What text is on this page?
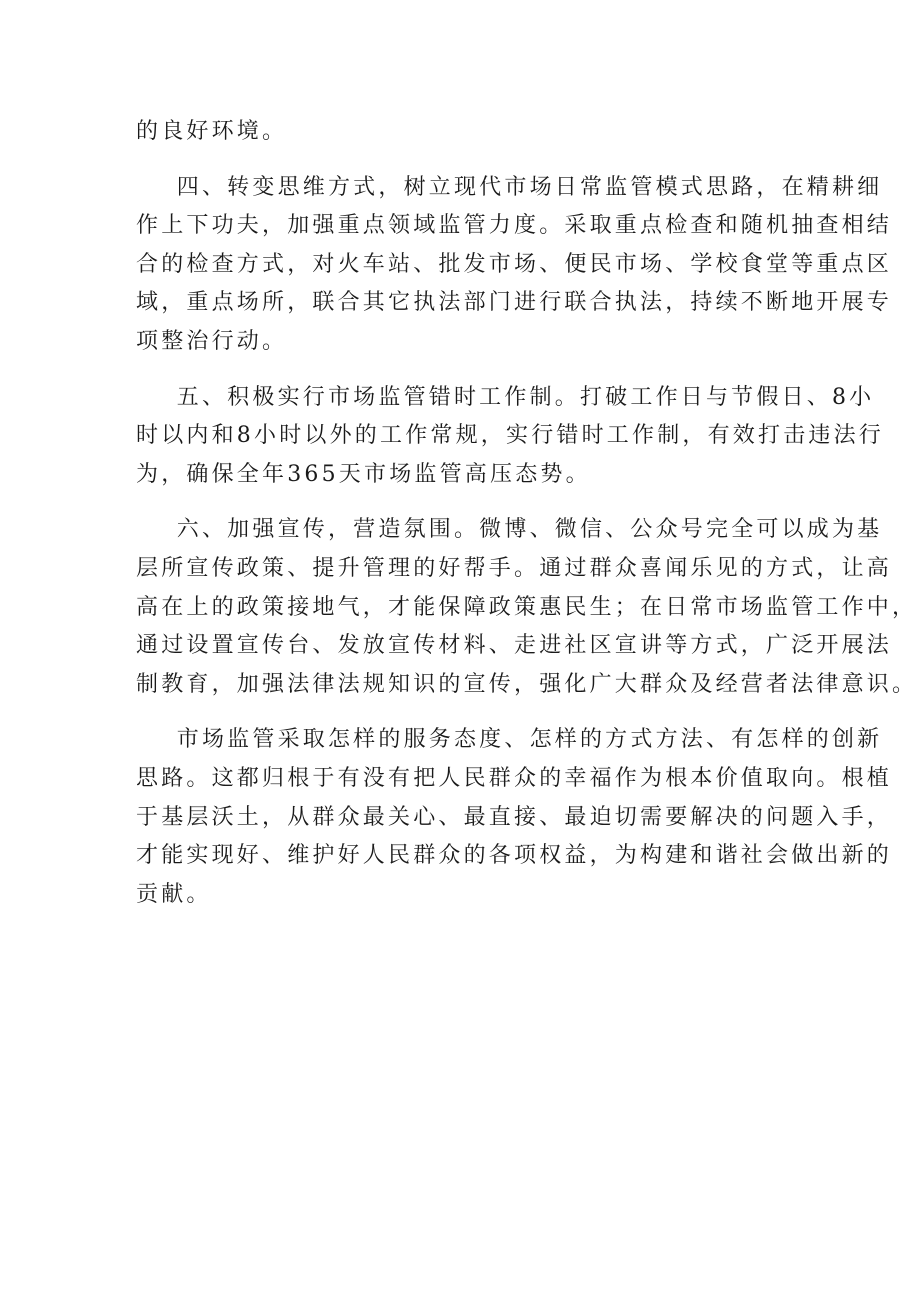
的良好环境。
四、转变思维方式，树立现代市场日常监管模式思路，在精耕细
作上下功夫，加强重点领域监管力度。采取重点检查和随机抽查相结
合的检查方式，对火车站、批发市场、便民市场、学校食堂等重点区
域，重点场所，联合其它执法部门进行联合执法，持续不断地开展专
项整治行动。
五、积极实行市场监管错时工作制。打破工作日与节假日、8小
时以内和8小时以外的工作常规，实行错时工作制，有效打击违法行
为，确保全年365天市场监管高压态势。
六、加强宣传，营造氛围。微博、微信、公众号完全可以成为基
层所宣传政策、提升管理的好帮手。通过群众喜闻乐见的方式，让高
高在上的政策接地气，才能保障政策惠民生；在日常市场监管工作中，
通过设置宣传台、发放宣传材料、走进社区宣讲等方式，广泛开展法
制教育，加强法律法规知识的宣传，强化广大群众及经营者法律意识。
市场监管采取怎样的服务态度、怎样的方式方法、有怎样的创新
思路。这都归根于有没有把人民群众的幸福作为根本价值取向。根植
于基层沃土，从群众最关心、最直接、最迫切需要解决的问题入手，
才能实现好、维护好人民群众的各项权益，为构建和谐社会做出新的
贡献。
